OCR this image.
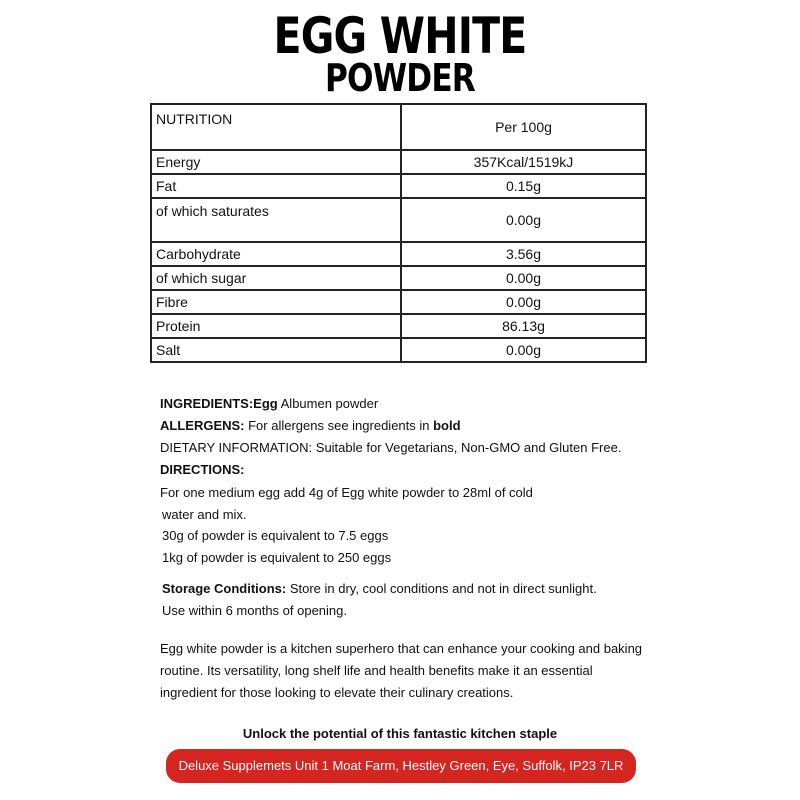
EGG WHITE
POWDER
NUTRITION	Per 100g
Energy	357Kcal/1519kJ
Fat	0.15g
of which saturates	0.00g
Carbohydrate	3.56g
of which sugar	0.00g
Fibre	0.00g
Protein	86.13g
Salt	0.00g
INGREDIENTS:Egg Albumen powder
ALLERGENS: For allergens see ingredients in bold
DIETARY INFORMATION: Suitable for Vegetarians, Non-GMO and Gluten Free.
DIRECTIONS:
For one medium egg add 4g of Egg white powder to 28ml of cold
water and mix.
30g of powder is equivalent to 7.5 eggs
1kg of powder is equivalent to 250 eggs
Storage Conditions: Store in dry, cool conditions and not in direct sunlight.
Use within 6 months of opening.
Egg white powder is a kitchen superhero that can enhance your cooking and baking
routine. Its versatility, long shelf life and health benefits make it an essential
ingredient for those looking to elevate their culinary creations.
Unlock the potential of this fantastic kitchen staple
Deluxe Supplemets Unit 1 Moat Farm, Hestley Green, Eye, Suffolk, IP23 7LR
